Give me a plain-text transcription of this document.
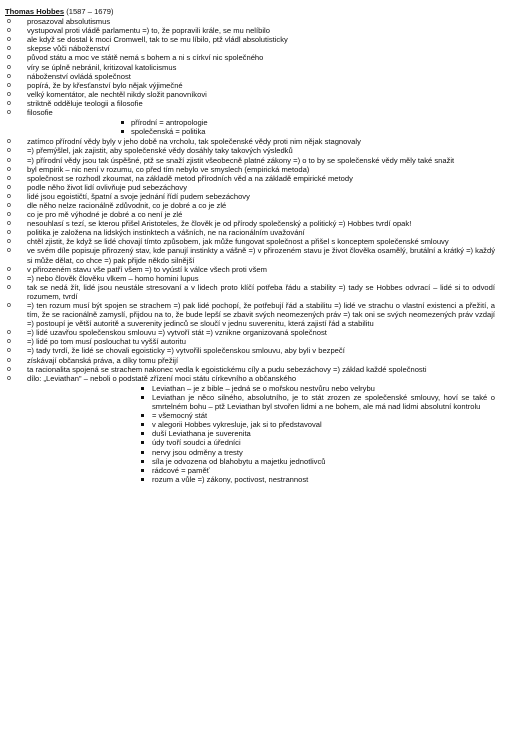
Thomas Hobbes (1587 – 1679)
o prosazoval absolutismus
o vystupoval proti vládě parlamentu =) to, že popravili krále, se mu nelíbilo
o ale když se dostal k moci Cromwell, tak to se mu líbilo, ptž vládl absolutisticky
o skepse vůči náboženství
o původ státu a moc ve státě nemá s bohem a ni s církví nic společného
o víry se úplně nebránil, kritizoval katolicismus
o náboženství ovládá společnost
o popírá, že by křesťanství bylo nějak výjimečné
o velký komentátor, ale nechtěl nikdy složit panovníkovi
o striktně odděluje teologii a filosofie
o filosofie
přírodní = antropologie
společenská = politika
o zatímco přírodní vědy byly v jeho době na vrcholu, tak společenské vědy proti nim nějak stagnovaly
o =) přemýšlel, jak zajistit, aby společenské vědy dosáhly taky takových výsledků
o =) přírodní vědy jsou tak úspěšné, ptž se snaží zjistit všeobecně platné zákony =) o to by se společenské vědy měly také snažit
o byl empirik – nic není v rozumu, co před tím nebylo ve smyslech (empirická metoda)
o společnost se rozhodl zkoumat, na základě metod přírodních věd a na základě empirické metody
o podle něho život lidí ovlivňuje pud sebezáchovy
o lidé jsou egoističtí, špatní a svoje jednání řídí pudem sebezáchovy
o dle něho nelze racionálně zdůvodnit, co je dobré a co je zlé
o co je pro mě výhodné je dobré a co není je zlé
o nesouhlasí s tezí, se kterou přišel Aristoteles, že člověk je od přírody společenský a politický =) Hobbes tvrdí opak!
o politika je založena na lidských instinktech a vášních, ne na racionálním uvažování
o chtěl zjistit, že když se lidé chovají tímto způsobem, jak může fungovat společnost a přišel s konceptem společenské smlouvy
o ve svém díle popisuje přirozený stav, kde panují instinkty a vášně =) v přirozeném stavu je život člověka osamělý, brutální a krátký =) každý si může dělat, co chce =) pak přijde někdo silnější
o v přirozeném stavu vše patří všem =) to vyústí k válce všech proti všem
o =) nebo člověk člověku vlkem – homo homini lupus
o tak se nedá žít, lidé jsou neustále stresovaní a v lidech proto klíčí potřeba řádu a stability =) tady se Hobbes odvrací – lidé si to odvodí rozumem, tvrdí
o =) ten rozum musí být spojen se strachem =) pak lidé pochopí, že potřebují řád a stabilitu =) lidé ve strachu o vlastní existenci a přežití, a tím, že se racionálně zamyslí, přijdou na to, že bude lepší se zbavit svých neomezených práv =) tak oni se svých neomezených práv vzdají =) postoupí je větší autoritě a suverenity jedinců se sloučí v jednu suverenitu, která zajistí řád a stabilitu
o =) lidé uzavřou společenskou smlouvu =) vytvoří stát =) vznikne organizovaná společnost
o =) lidé po tom musí poslouchat tu vyšší autoritu
o =) tady tvrdí, že lidé se chovali egoisticky =) vytvořili společenskou smlouvu, aby byli v bezpečí
o získávají občanská práva, a díky tomu přežijí
o ta racionalita spojená se strachem nakonec vedla k egoistickému cíly a pudu sebezáchovy =) základ každé společnosti
o dílo: „Leviathan" – neboli o podstatě zřízení moci státu církevního a občanského
Leviathan – je z bible – jedná se o mořskou nestvůru nebo velrybu
Leviathan je něco silného, absolutního, je to stát zrozen ze společenské smlouvy, hoví se také o smrtelném bohu – ptž Leviathan byl stvořen lidmi a ne bohem, ale má nad lidmi absolutní kontrolu
= všemocný stát
v alegorii Hobbes vykresluje, jak si to představoval
duší Leviathana je suverenita
údy tvoří soudci a úředníci
nervy jsou odměny a tresty
síla je odvozena od blahobytu a majetku jednotlivců
rádcové = paměť
rozum a vůle =) zákony, poctivost, nestrannost
